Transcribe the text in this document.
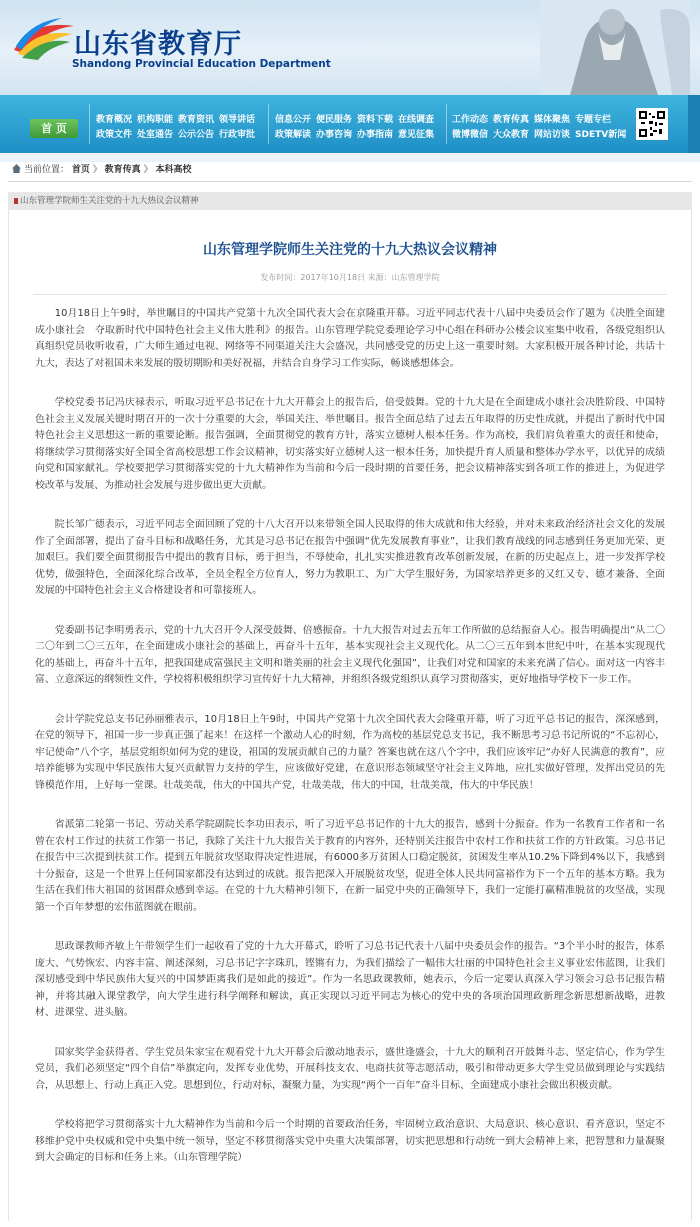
山东省教育厅
Shandong Provincial Education Department
首 页
教育概况 机构职能 教育资讯 领导讲话
政策文件 处室通告 公示公告 行政审批
信息公开 便民服务 资料下载 在线调查
政策解读 办事咨询 办事指南 意见征集
工作动态 教育传真 媒体聚焦 专题专栏
微博微信 大众教育 网站访谈 SDETV新闻
当前位置： 首页 》 教育传真 》 本科高校
山东管理学院师生关注党的十九大热议会议精神
山东管理学院师生关注党的十九大热议会议精神
发布时间：2017年10月18日 来源：山东管理学院

10月18日上午9时，举世瞩目的中国共产党第十九次全国代表大会在京隆重开幕。习近平同志代表十八届中央委员会作了题为《决胜全面建成小康社会　夺取新时代中国特色社会主义伟大胜利》的报告。山东管理学院党委理论学习中心组在科研办公楼会议室集中收看，各级党组织认真组织党员收听收看，广大师生通过电视、网络等不同渠道关注大会盛况，共同感受党的历史上这一重要时刻。大家积极开展各种讨论，共话十九大，表达了对祖国未来发展的殷切期盼和美好祝福，并结合自身学习工作实际，畅谈感想体会。

学校党委书记冯庆禄表示，听取习近平总书记在十九大开幕会上的报告后，倍受鼓舞。党的十九大是在全面建成小康社会决胜阶段、中国特色社会主义发展关键时期召开的一次十分重要的大会，举国关注、举世瞩目。报告全面总结了过去五年取得的历史性成就，并提出了新时代中国特色社会主义思想这一新的重要论断。报告强调，全面贯彻党的教育方针，落实立德树人根本任务。作为高校，我们肩负着重大的责任和使命，将继续学习贯彻落实好全国全省高校思想工作会议精神，切实落实好立德树人这一根本任务，加快提升育人质量和整体办学水平，以优异的成绩向党和国家献礼。学校要把学习贯彻落实党的十九大精神作为当前和今后一段时期的首要任务，把会议精神落实到各项工作的推进上，为促进学校改革与发展、为推动社会发展与进步做出更大贡献。

院长邹广德表示，习近平同志全面回顾了党的十八大召开以来带领全国人民取得的伟大成就和伟大经验，并对未来政治经济社会文化的发展作了全面部署，提出了奋斗目标和战略任务，尤其是习总书记在报告中强调“优先发展教育事业”，让我们教育战线的同志感到任务更加光荣、更加艰巨。我们要全面贯彻报告中提出的教育目标，勇于担当，不辱使命，扎扎实实推进教育改革创新发展，在新的历史起点上，进一步发挥学校优势，做强特色，全面深化综合改革，全员全程全方位育人，努力为教职工、为广大学生服好务，为国家培养更多的又红又专、德才兼备、全面发展的中国特色社会主义合格建设者和可靠接班人。

党委副书记李明勇表示，党的十九大召开令人深受鼓舞、倍感振奋。十九大报告对过去五年工作所做的总结振奋人心。报告明确提出“从二〇二〇年到二〇三五年，在全面建成小康社会的基础上，再奋斗十五年，基本实现社会主义现代化。从二〇三五年到本世纪中叶，在基本实现现代化的基础上，再奋斗十五年，把我国建成富强民主文明和谐美丽的社会主义现代化强国”，让我们对党和国家的未来充满了信心。面对这一内容丰富、立意深远的纲领性文件，学校将积极组织学习宣传好十九大精神，并组织各级党组织认真学习贯彻落实，更好地指导学校下一步工作。

会计学院党总支书记孙丽雅表示，10月18日上午9时，中国共产党第十九次全国代表大会隆重开幕，听了习近平总书记的报告，深深感到，在党的领导下，祖国一步一步真正强了起来！在这样一个激动人心的时刻，作为高校的基层党总支书记，我不断思考习总书记所说的“不忘初心，牢记使命”八个字，基层党组织如何为党的建设，祖国的发展贡献自己的力量？答案也就在这八个字中，我们应该牢记“办好人民满意的教育”，应培养能够为实现中华民族伟大复兴贡献智力支持的学生，应该做好党建，在意识形态领域坚守社会主义阵地，应扎实做好管理，发挥出党员的先锋模范作用，上好每一堂课。壮哉美哉，伟大的中国共产党，壮哉美哉，伟大的中国，壮哉美哉，伟大的中华民族！

省派第二轮第一书记、劳动关系学院副院长李功田表示，听了习近平总书记作的十九大的报告，感到十分振奋。作为一名教育工作者和一名曾在农村工作过的扶贫工作第一书记，我除了关注十九大报告关于教育的内容外，还特别关注报告中农村工作和扶贫工作的方针政策。习总书记在报告中三次提到扶贫工作。提到五年脱贫攻坚取得决定性进展，有6000多万贫困人口稳定脱贫，贫困发生率从10.2%下降到4%以下，我感到十分振奋，这是一个世界上任何国家都没有达到过的成就。报告把深入开展脱贫攻坚，促进全体人民共同富裕作为下一个五年的基本方略。我为生活在我们伟大祖国的贫困群众感到幸运。在党的十九大精神引领下，在新一届党中央的正确领导下，我们一定能打赢精准脱贫的攻坚战，实现第一个百年梦想的宏伟蓝图就在眼前。

思政课教师齐敏上午带领学生们一起收看了党的十九大开幕式，聆听了习总书记代表十八届中央委员会作的报告。“3个半小时的报告，体系庞大、气势恢宏、内容丰富、阐述深刻，习总书记字字珠玑，铿锵有力，为我们描绘了一幅伟大壮丽的中国特色社会主义事业宏伟蓝图，让我们深切感受到中华民族伟大复兴的中国梦距离我们是如此的接近”。作为一名思政课教师，她表示，今后一定要认真深入学习领会习总书记报告精神，并将其融入课堂教学，向大学生进行科学阐释和解读，真正实现以习近平同志为核心的党中央的各项治国理政新理念新思想新战略，进教材、进课堂、进头脑。

国家奖学金获得者、学生党员朱家宝在观看党十九大开幕会后激动地表示，盛世逢盛会，十九大的顺利召开鼓舞斗志、坚定信心，作为学生党员，我们必须坚定“四个自信”举旗定向，发挥专业优势，开展科技支农、电商扶贫等志愿活动，吸引和带动更多大学生党员做到理论与实践结合，从思想上、行动上真正入党。思想到位，行动对标，凝聚力量，为实现“两个一百年”奋斗目标、全面建成小康社会做出积极贡献。

学校将把学习贯彻落实十九大精神作为当前和今后一个时期的首要政治任务，牢固树立政治意识、大局意识、核心意识、看齐意识，坚定不移维护党中央权威和党中央集中统一领导，坚定不移贯彻落实党中央重大决策部署，切实把思想和行动统一到大会精神上来，把智慧和力量凝聚到大会确定的目标和任务上来。（山东管理学院）
